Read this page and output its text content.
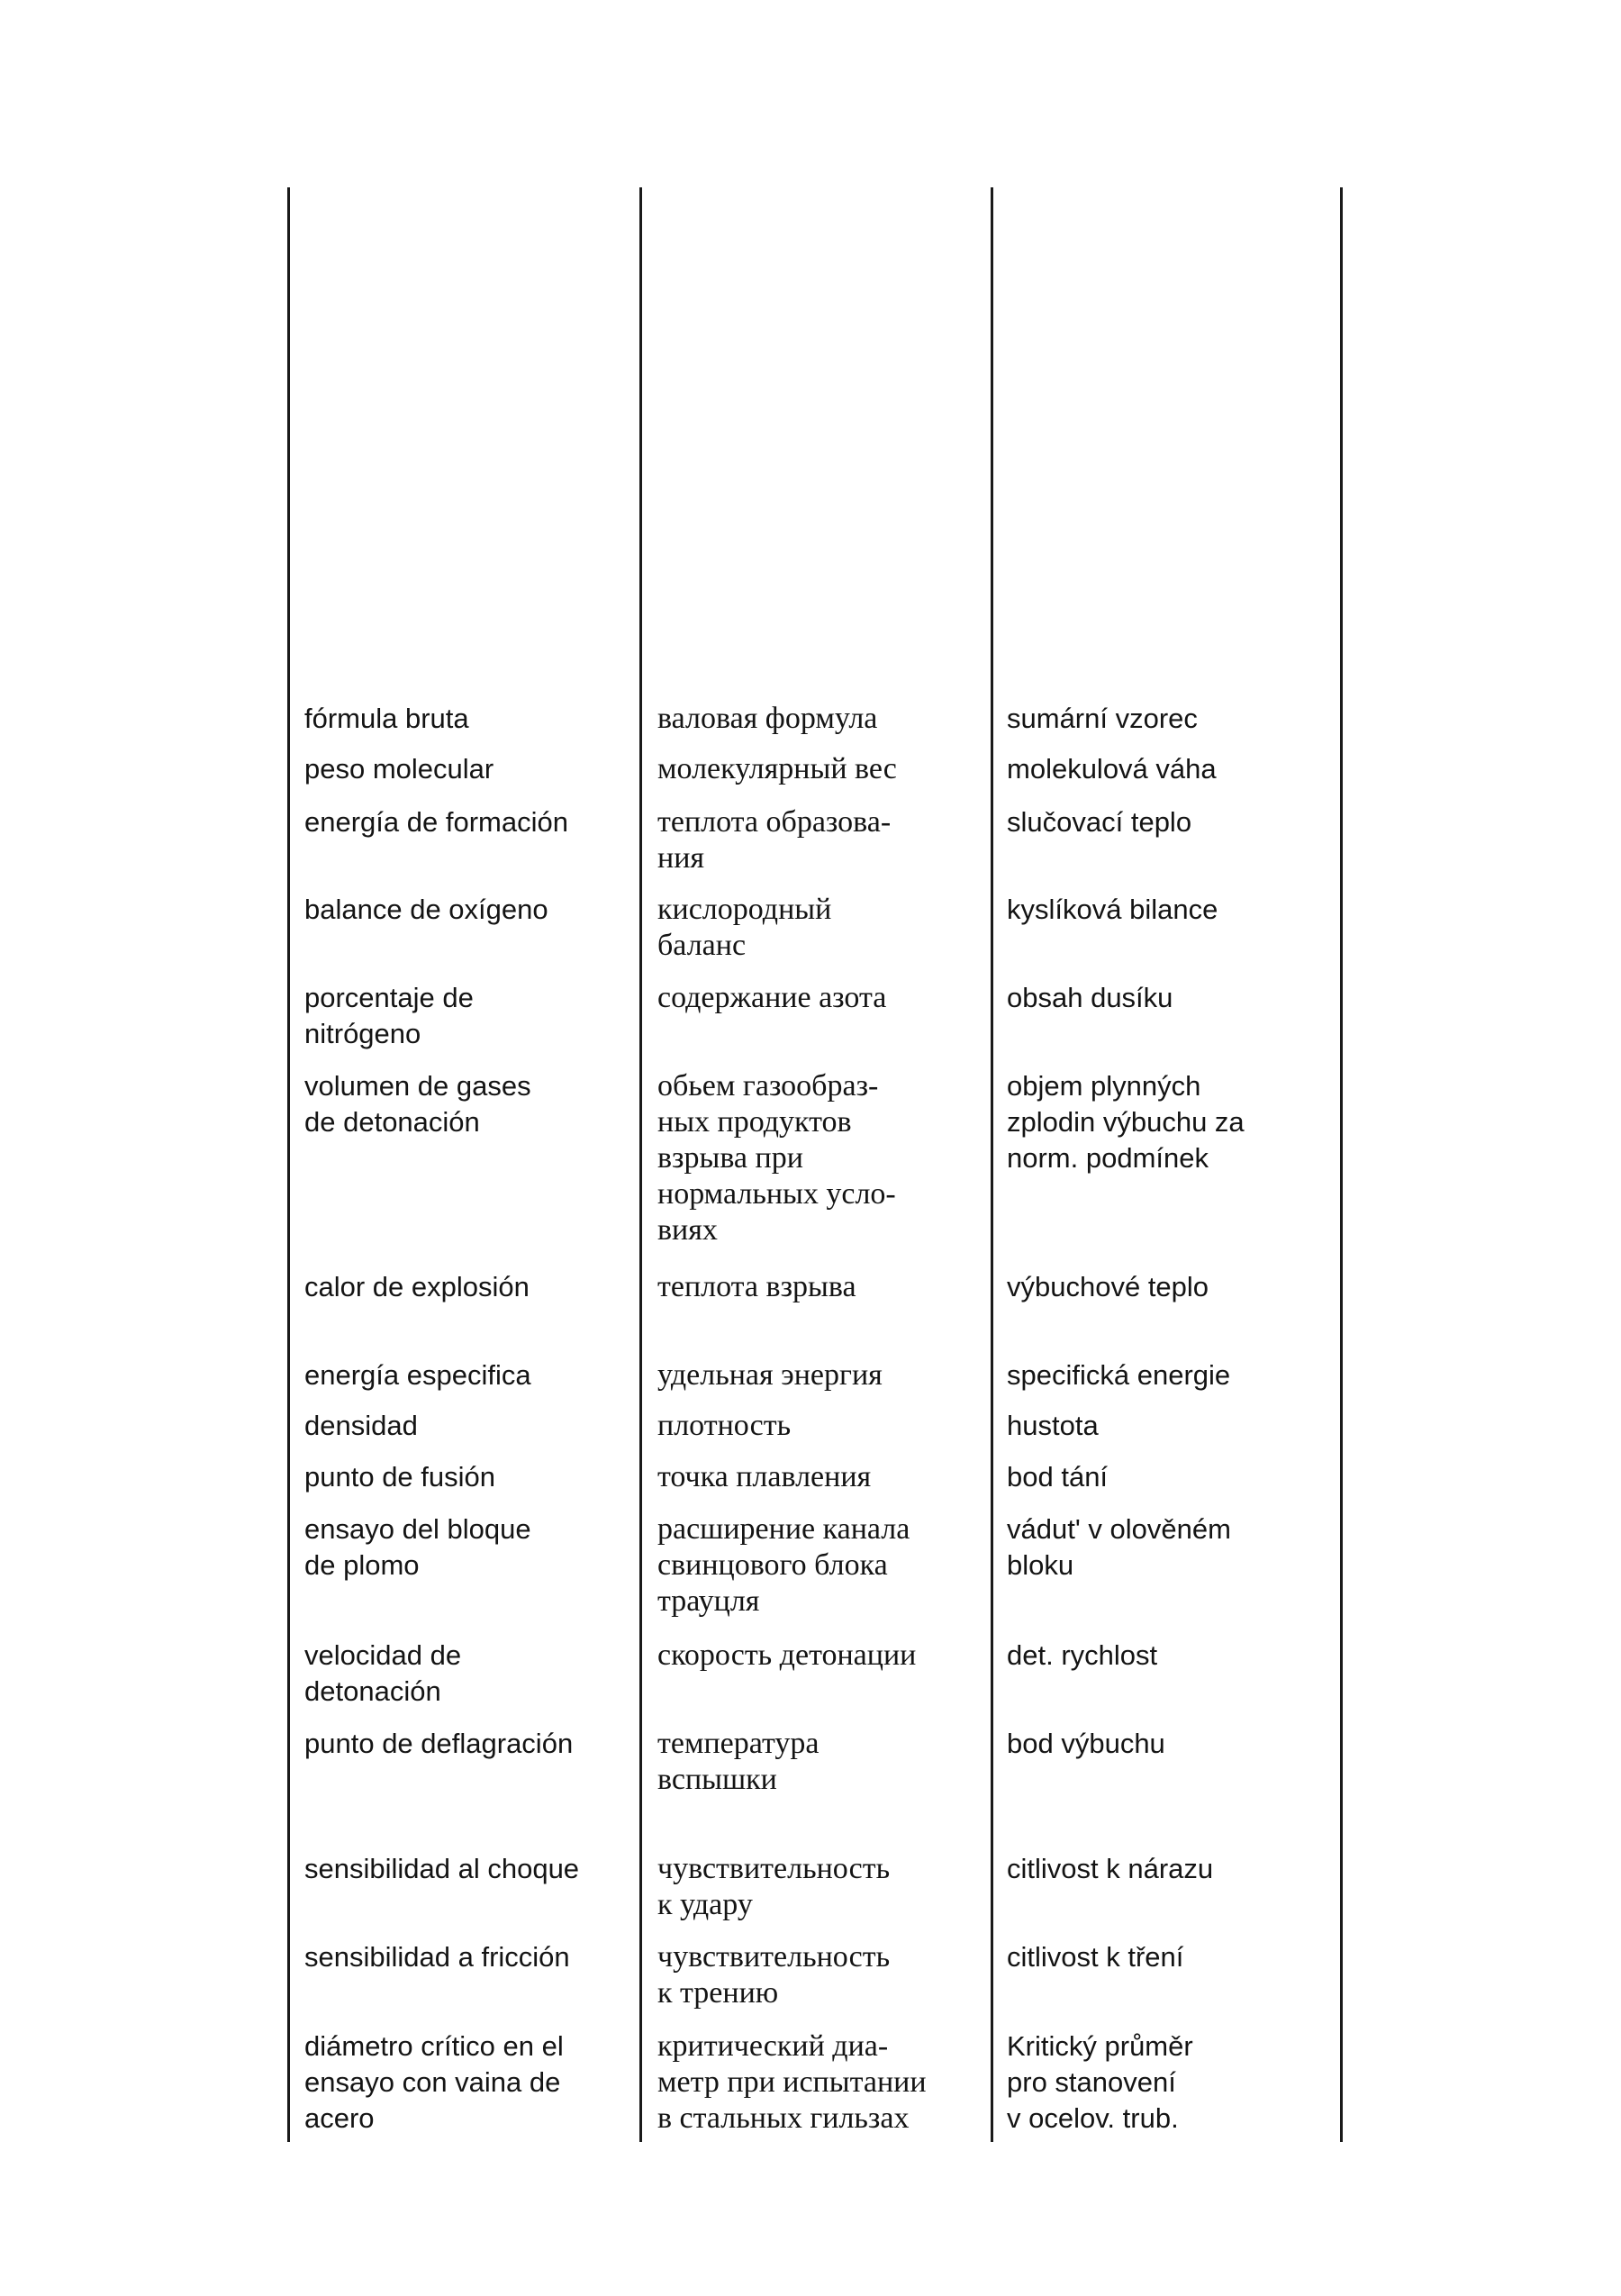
fórmula bruta
peso molecular
energía de formación
balance de oxígeno
porcentaje de
nitrógeno
volumen de gases
de detonación
calor de explosión
energía especifica
densidad
punto de fusión
ensayo del bloque
de plomo
velocidad de
detonación
punto de deflagración
sensibilidad al choque
sensibilidad a fricción
diámetro crítico en el
ensayo con vaina de
acero
валовая формула
молекулярный вес
теплота образова-
ния
кислородный
баланс
содержание азота
обьем газообраз-
ных продуктов
взрыва при
нормальных усло-
виях
теплота взрыва
удельная энергия
плотность
точка плавления
расширение канала
свинцового блока
трауцля
скорость детонации
температура
вспышки
чувствительность
к удару
чувствительность
к трению
критический диа-
метр при испытании
в стальных гильзах
sumární vzorec
molekulová váha
slučovací teplo
kyslíková bilance
obsah dusíku
objem plynných
zplodin výbuchu za
norm. podmínek
výbuchové teplo
specifická energie
hustota
bod tání
vádut' v olověném
bloku
det. rychlost
bod výbuchu
citlivost k nárazu
citlivost k tření
Kritický průměr
pro stanovení
v ocelov. trub.
